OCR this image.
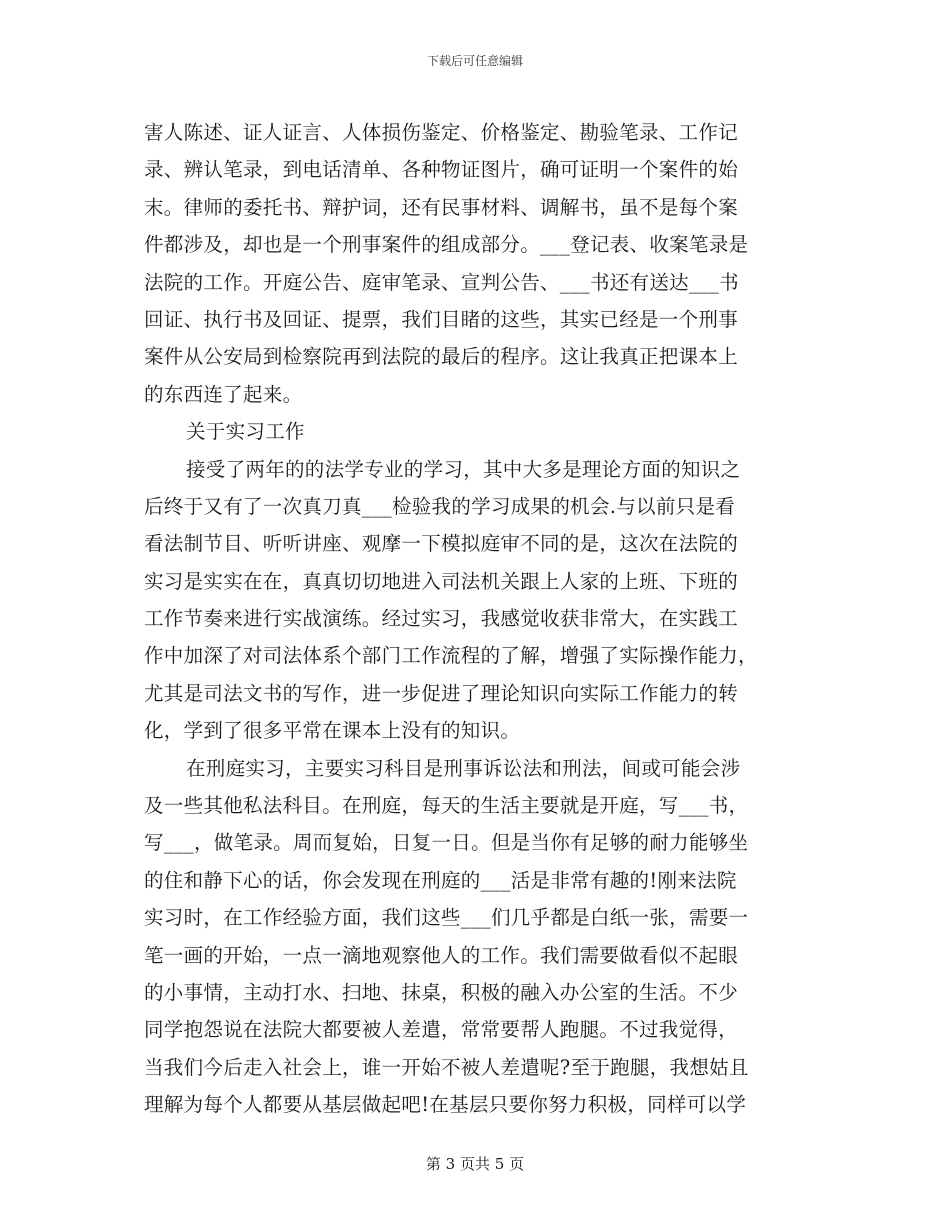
下载后可任意编辑
害人陈述、证人证言、人体损伤鉴定、价格鉴定、勘验笔录、工作记
录、辨认笔录，到电话清单、各种物证图片，确可证明一个案件的始
末。律师的委托书、辩护词，还有民事材料、调解书，虽不是每个案
件都涉及，却也是一个刑事案件的组成部分。___登记表、收案笔录是
法院的工作。开庭公告、庭审笔录、宣判公告、___书还有送达___书
回证、执行书及回证、提票，我们目睹的这些，其实已经是一个刑事
案件从公安局到检察院再到法院的最后的程序。这让我真正把课本上
的东西连了起来。
关于实习工作
接受了两年的的法学专业的学习，其中大多是理论方面的知识之
后终于又有了一次真刀真___检验我的学习成果的机会.与以前只是看
看法制节目、听听讲座、观摩一下模拟庭审不同的是，这次在法院的
实习是实实在在，真真切切地进入司法机关跟上人家的上班、下班的
工作节奏来进行实战演练。经过实习，我感觉收获非常大，在实践工
作中加深了对司法体系个部门工作流程的了解，增强了实际操作能力，
尤其是司法文书的写作，进一步促进了理论知识向实际工作能力的转
化，学到了很多平常在课本上没有的知识。
在刑庭实习，主要实习科目是刑事诉讼法和刑法，间或可能会涉
及一些其他私法科目。在刑庭，每天的生活主要就是开庭，写___书，
写___，做笔录。周而复始，日复一日。但是当你有足够的耐力能够坐
的住和静下心的话，你会发现在刑庭的___活是非常有趣的!刚来法院
实习时，在工作经验方面，我们这些___们几乎都是白纸一张，需要一
笔一画的开始，一点一滴地观察他人的工作。我们需要做看似不起眼
的小事情，主动打水、扫地、抹桌，积极的融入办公室的生活。不少
同学抱怨说在法院大都要被人差遣，常常要帮人跑腿。不过我觉得，
当我们今后走入社会上，谁一开始不被人差遣呢?至于跑腿，我想姑且
理解为每个人都要从基层做起吧!在基层只要你努力积极，同样可以学
第 3 页共 5 页
